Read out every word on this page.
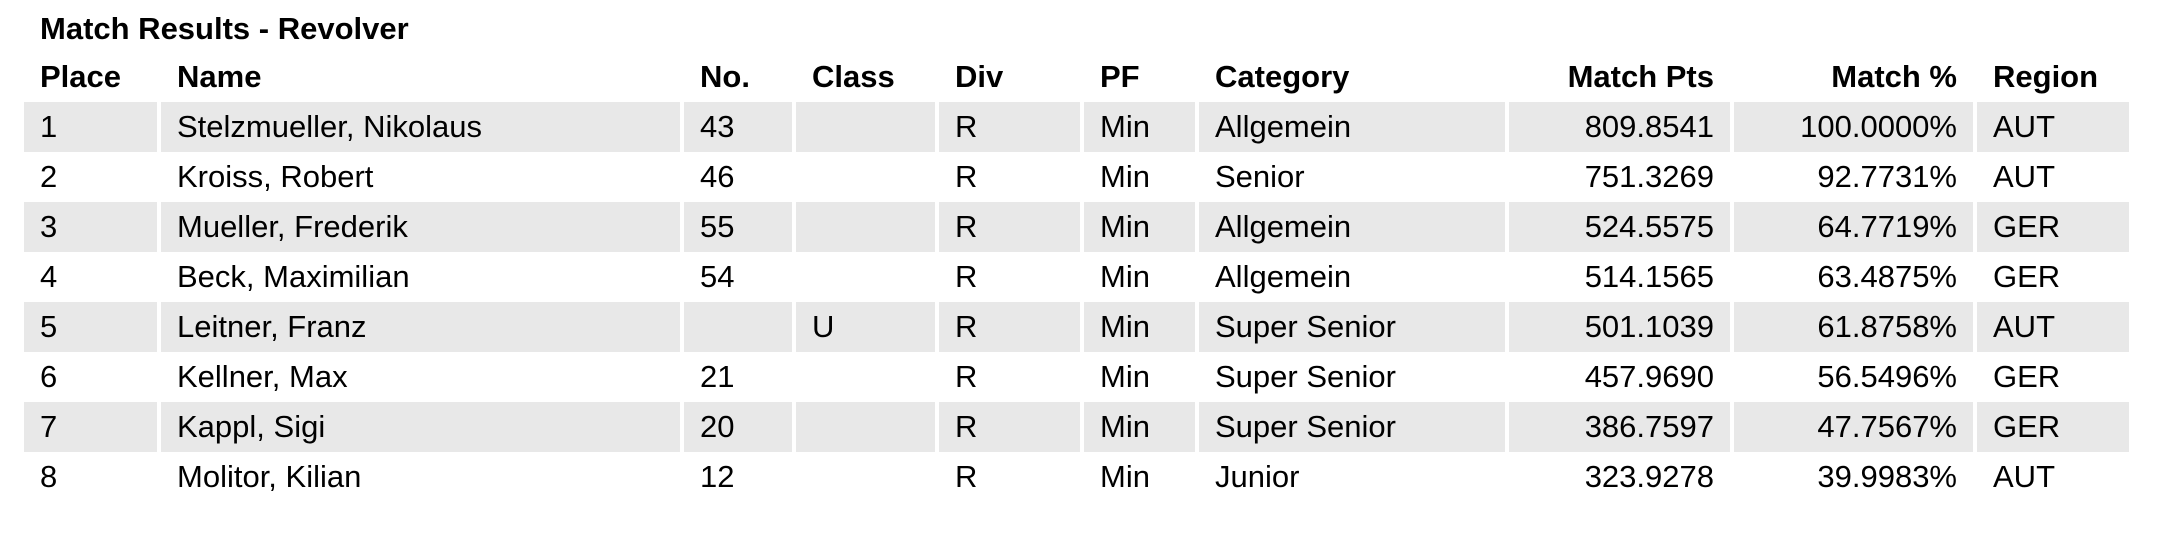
Match Results - Revolver
Place	Name	No.	Class	Div	PF	Category	Match Pts	Match %	Region
1	Stelzmueller, Nikolaus	43		R	Min	Allgemein	809.8541	100.0000%	AUT
2	Kroiss, Robert	46		R	Min	Senior	751.3269	92.7731%	AUT
3	Mueller, Frederik	55		R	Min	Allgemein	524.5575	64.7719%	GER
4	Beck, Maximilian	54		R	Min	Allgemein	514.1565	63.4875%	GER
5	Leitner, Franz		U	R	Min	Super Senior	501.1039	61.8758%	AUT
6	Kellner, Max	21		R	Min	Super Senior	457.9690	56.5496%	GER
7	Kappl, Sigi	20		R	Min	Super Senior	386.7597	47.7567%	GER
8	Molitor, Kilian	12		R	Min	Junior	323.9278	39.9983%	AUT
